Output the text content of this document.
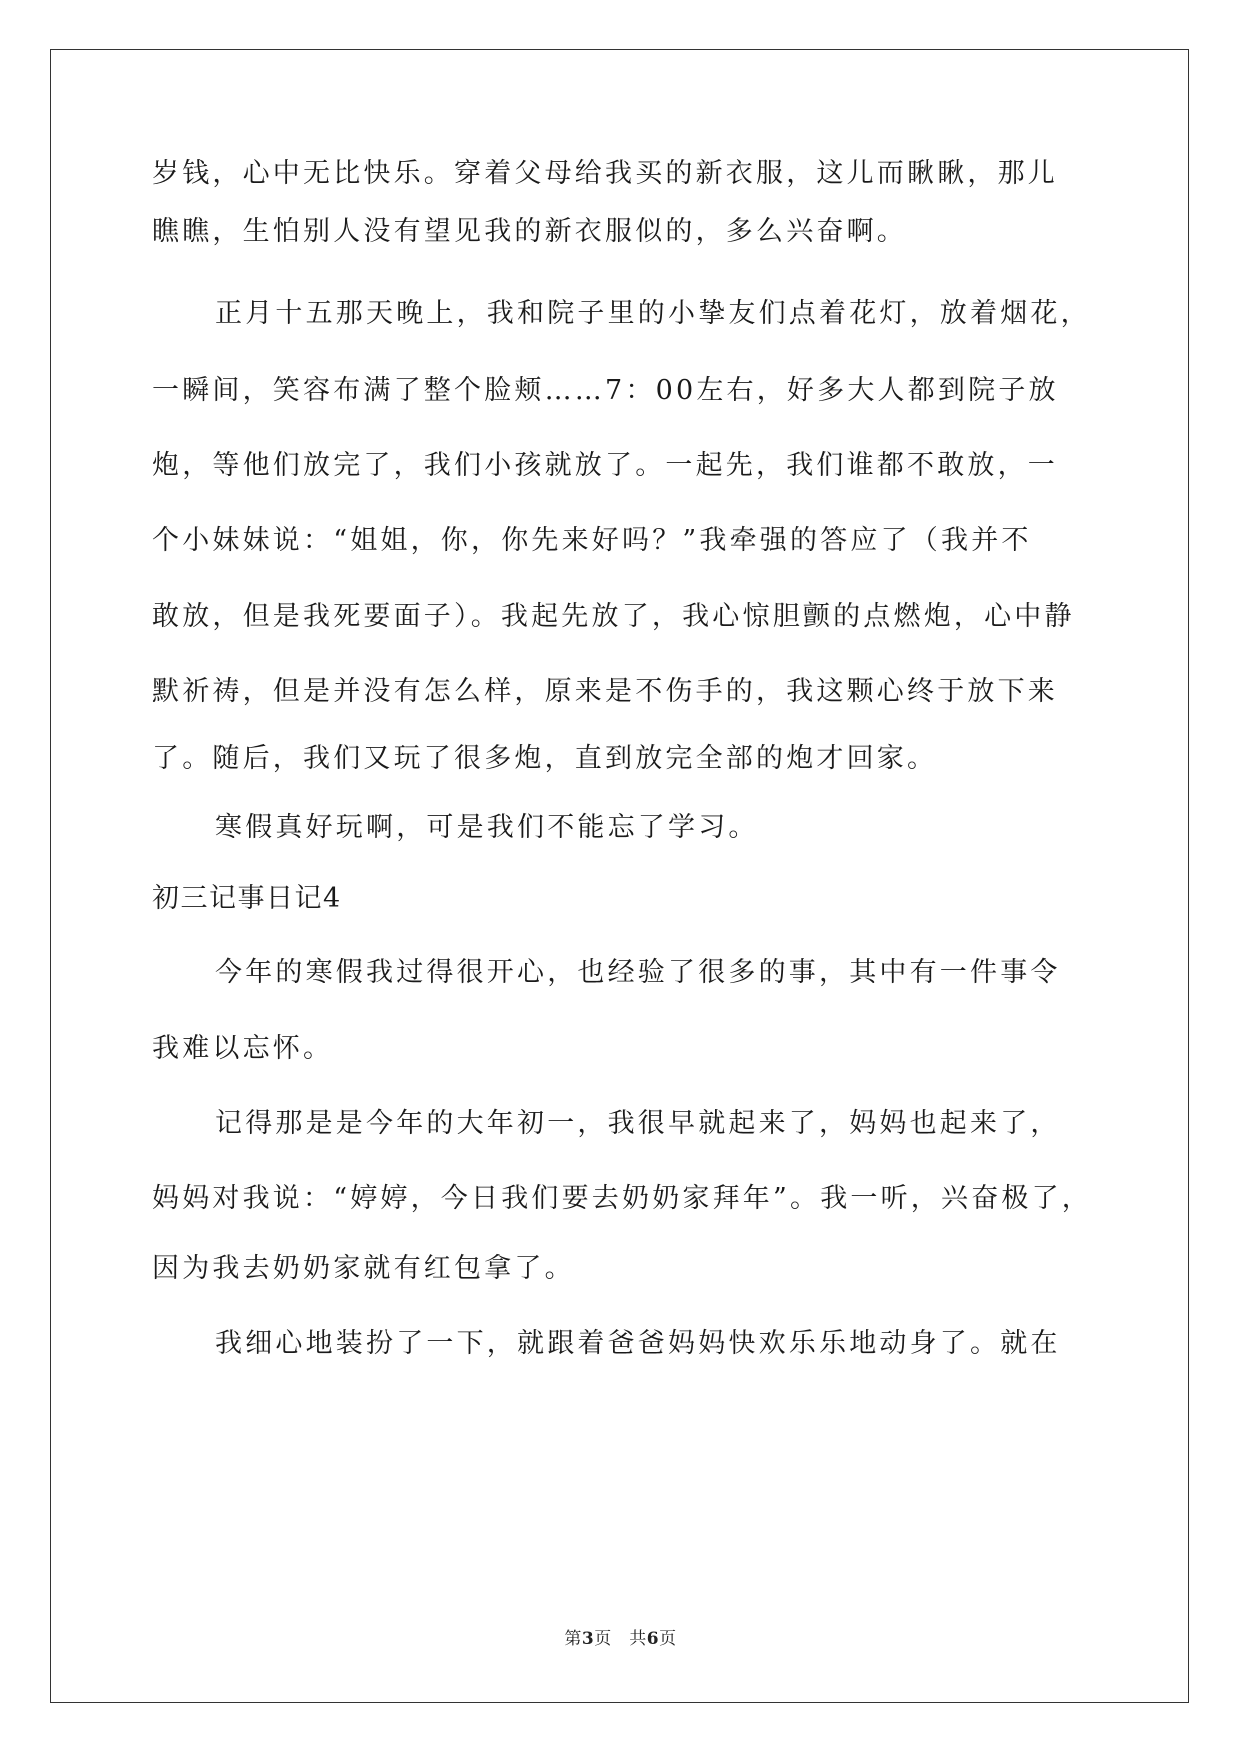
岁钱，心中无比快乐。穿着父母给我买的新衣服，这儿而瞅瞅，那儿
瞧瞧，生怕别人没有望见我的新衣服似的，多么兴奋啊。
正月十五那天晚上，我和院子里的小挚友们点着花灯，放着烟花，
一瞬间，笑容布满了整个脸颊……7：00左右，好多大人都到院子放
炮，等他们放完了，我们小孩就放了。一起先，我们谁都不敢放，一
个小妹妹说：“姐姐，你，你先来好吗？”我牵强的答应了（我并不
敢放，但是我死要面子）。我起先放了，我心惊胆颤的点燃炮，心中静
默祈祷，但是并没有怎么样，原来是不伤手的，我这颗心终于放下来
了。随后，我们又玩了很多炮，直到放完全部的炮才回家。
寒假真好玩啊，可是我们不能忘了学习。
初三记事日记4
今年的寒假我过得很开心，也经验了很多的事，其中有一件事令
我难以忘怀。
记得那是是今年的大年初一，我很早就起来了，妈妈也起来了，
妈妈对我说：“婷婷，今日我们要去奶奶家拜年”。我一听，兴奋极了，
因为我去奶奶家就有红包拿了。
我细心地装扮了一下，就跟着爸爸妈妈快欢乐乐地动身了。就在
第3页　共6页
